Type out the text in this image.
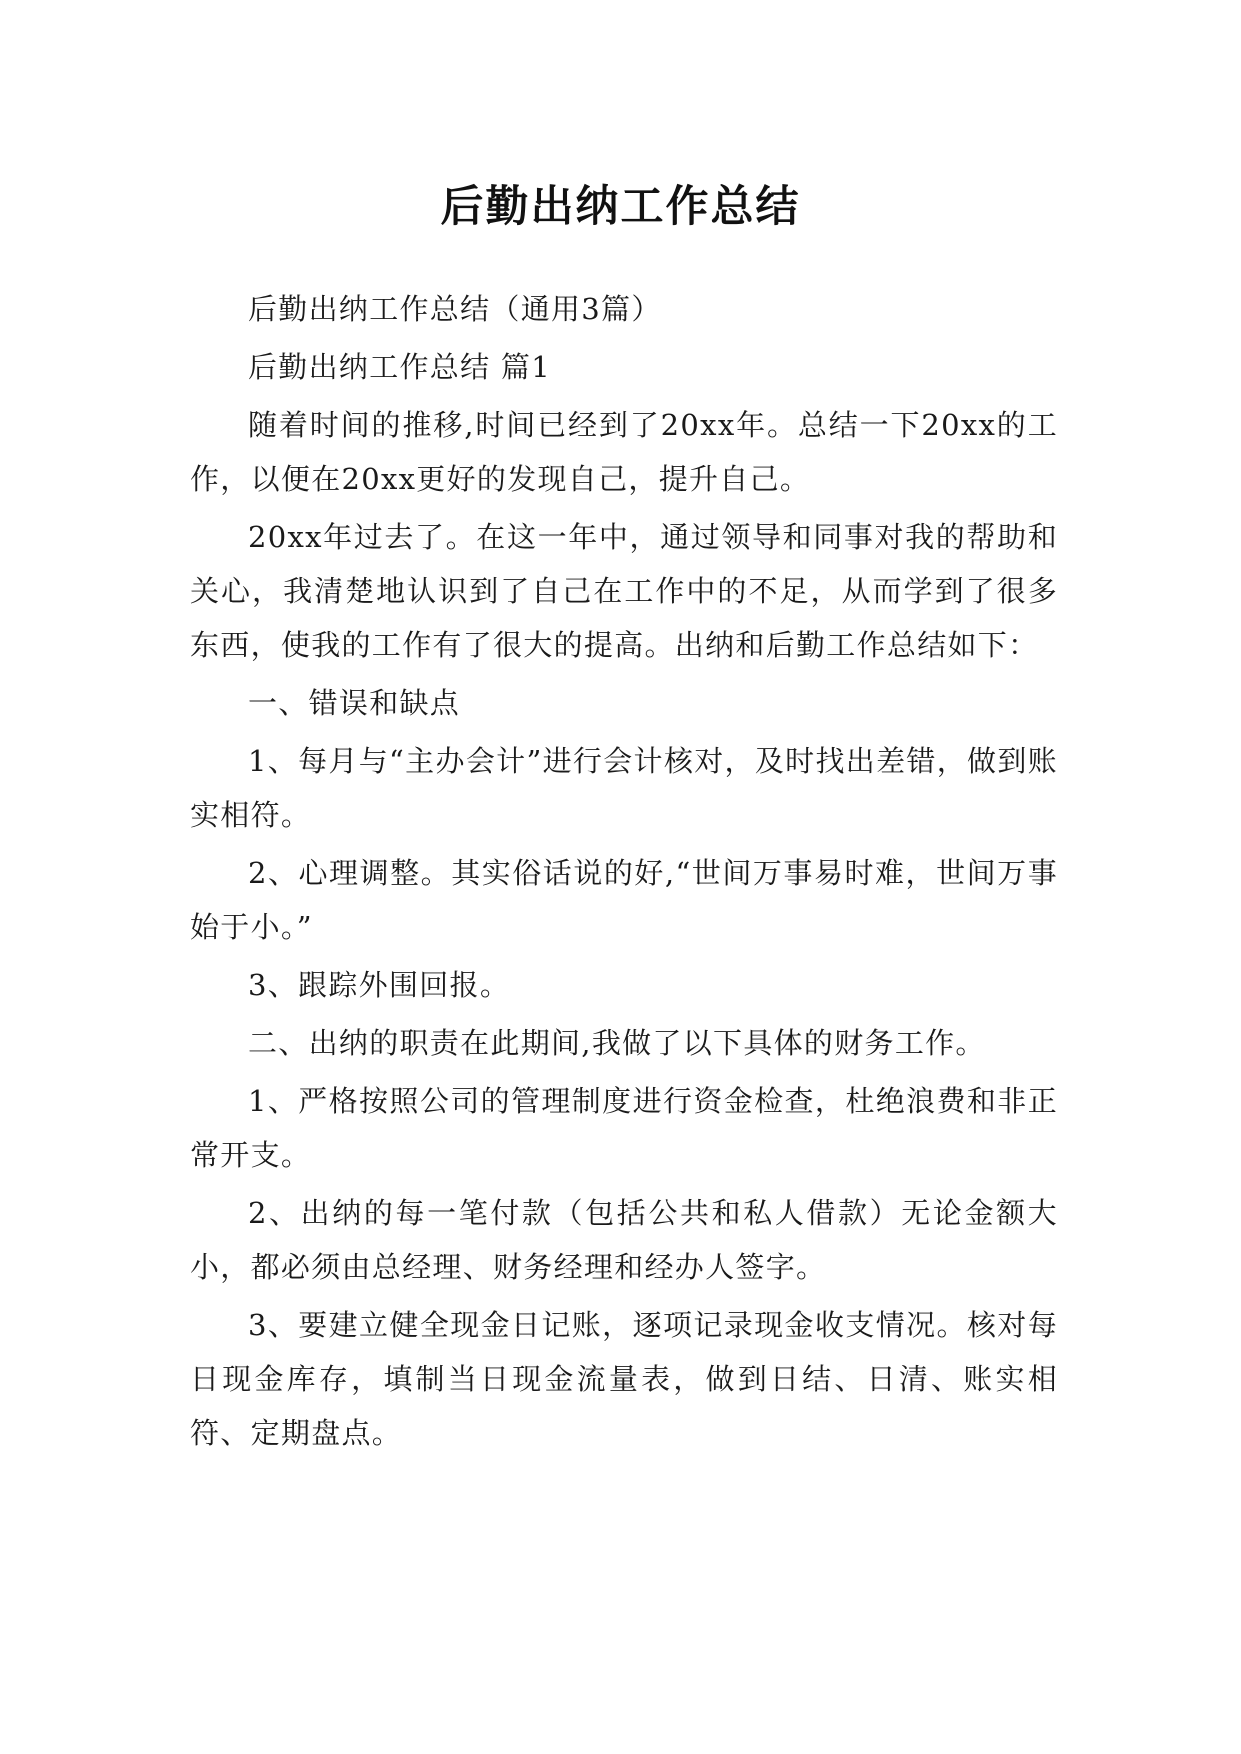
后勤出纳工作总结

后勤出纳工作总结（通用3篇）

后勤出纳工作总结 篇1

随着时间的推移,时间已经到了20xx年。总结一下20xx的工作，以便在20xx更好的发现自己，提升自己。

20xx年过去了。在这一年中，通过领导和同事对我的帮助和关心，我清楚地认识到了自己在工作中的不足，从而学到了很多东西，使我的工作有了很大的提高。出纳和后勤工作总结如下：

一、错误和缺点

1、每月与“主办会计”进行会计核对，及时找出差错，做到账实相符。

2、心理调整。其实俗话说的好,“世间万事易时难，世间万事始于小。”

3、跟踪外围回报。

二、出纳的职责在此期间,我做了以下具体的财务工作。

1、严格按照公司的管理制度进行资金检查，杜绝浪费和非正常开支。

2、出纳的每一笔付款（包括公共和私人借款）无论金额大小，都必须由总经理、财务经理和经办人签字。

3、要建立健全现金日记账，逐项记录现金收支情况。核对每日现金库存，填制当日现金流量表，做到日结、日清、账实相符、定期盘点。
